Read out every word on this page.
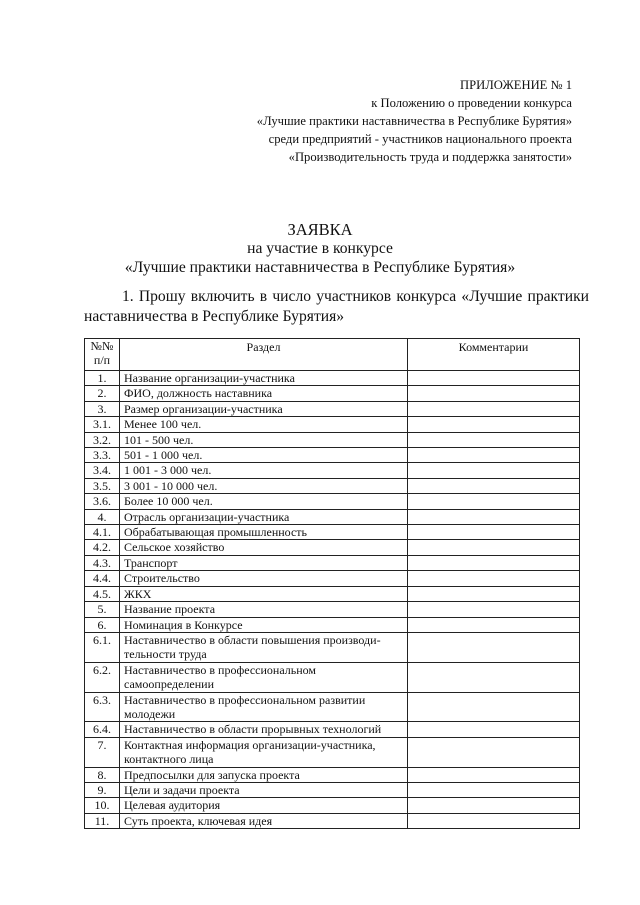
ПРИЛОЖЕНИЕ № 1
к Положению о проведении конкурса
«Лучшие практики наставничества в Республике Бурятия»
среди предприятий - участников национального проекта
«Производительность труда и поддержка занятости»
ЗАЯВКА
на участие в конкурсе
«Лучшие практики наставничества в Республике Бурятия»
1. Прошу включить в число участников конкурса «Лучшие практики наставничества в Республике Бурятия»
№№ п/п	Раздел	Комментарии
1.	Название организации-участника	
2.	ФИО, должность наставника	
3.	Размер организации-участника	
3.1.	Менее 100 чел.	
3.2.	101 - 500 чел.	
3.3.	501 - 1 000 чел.	
3.4.	1 001 - 3 000 чел.	
3.5.	3 001 - 10 000 чел.	
3.6.	Более 10 000 чел.	
4.	Отрасль организации-участника	
4.1.	Обрабатывающая промышленность	
4.2.	Сельское хозяйство	
4.3.	Транспорт	
4.4.	Строительство	
4.5.	ЖКХ	
5.	Название проекта	
6.	Номинация в Конкурсе	
6.1.	Наставничество в области повышения производи-тельности труда	
6.2.	Наставничество в профессиональном самоопределении	
6.3.	Наставничество в профессиональном развитии молодежи	
6.4.	Наставничество в области прорывных технологий	
7.	Контактная информация организации-участника, контактного лица	
8.	Предпосылки для запуска проекта	
9.	Цели и задачи проекта	
10.	Целевая аудитория	
11.	Суть проекта, ключевая идея	
